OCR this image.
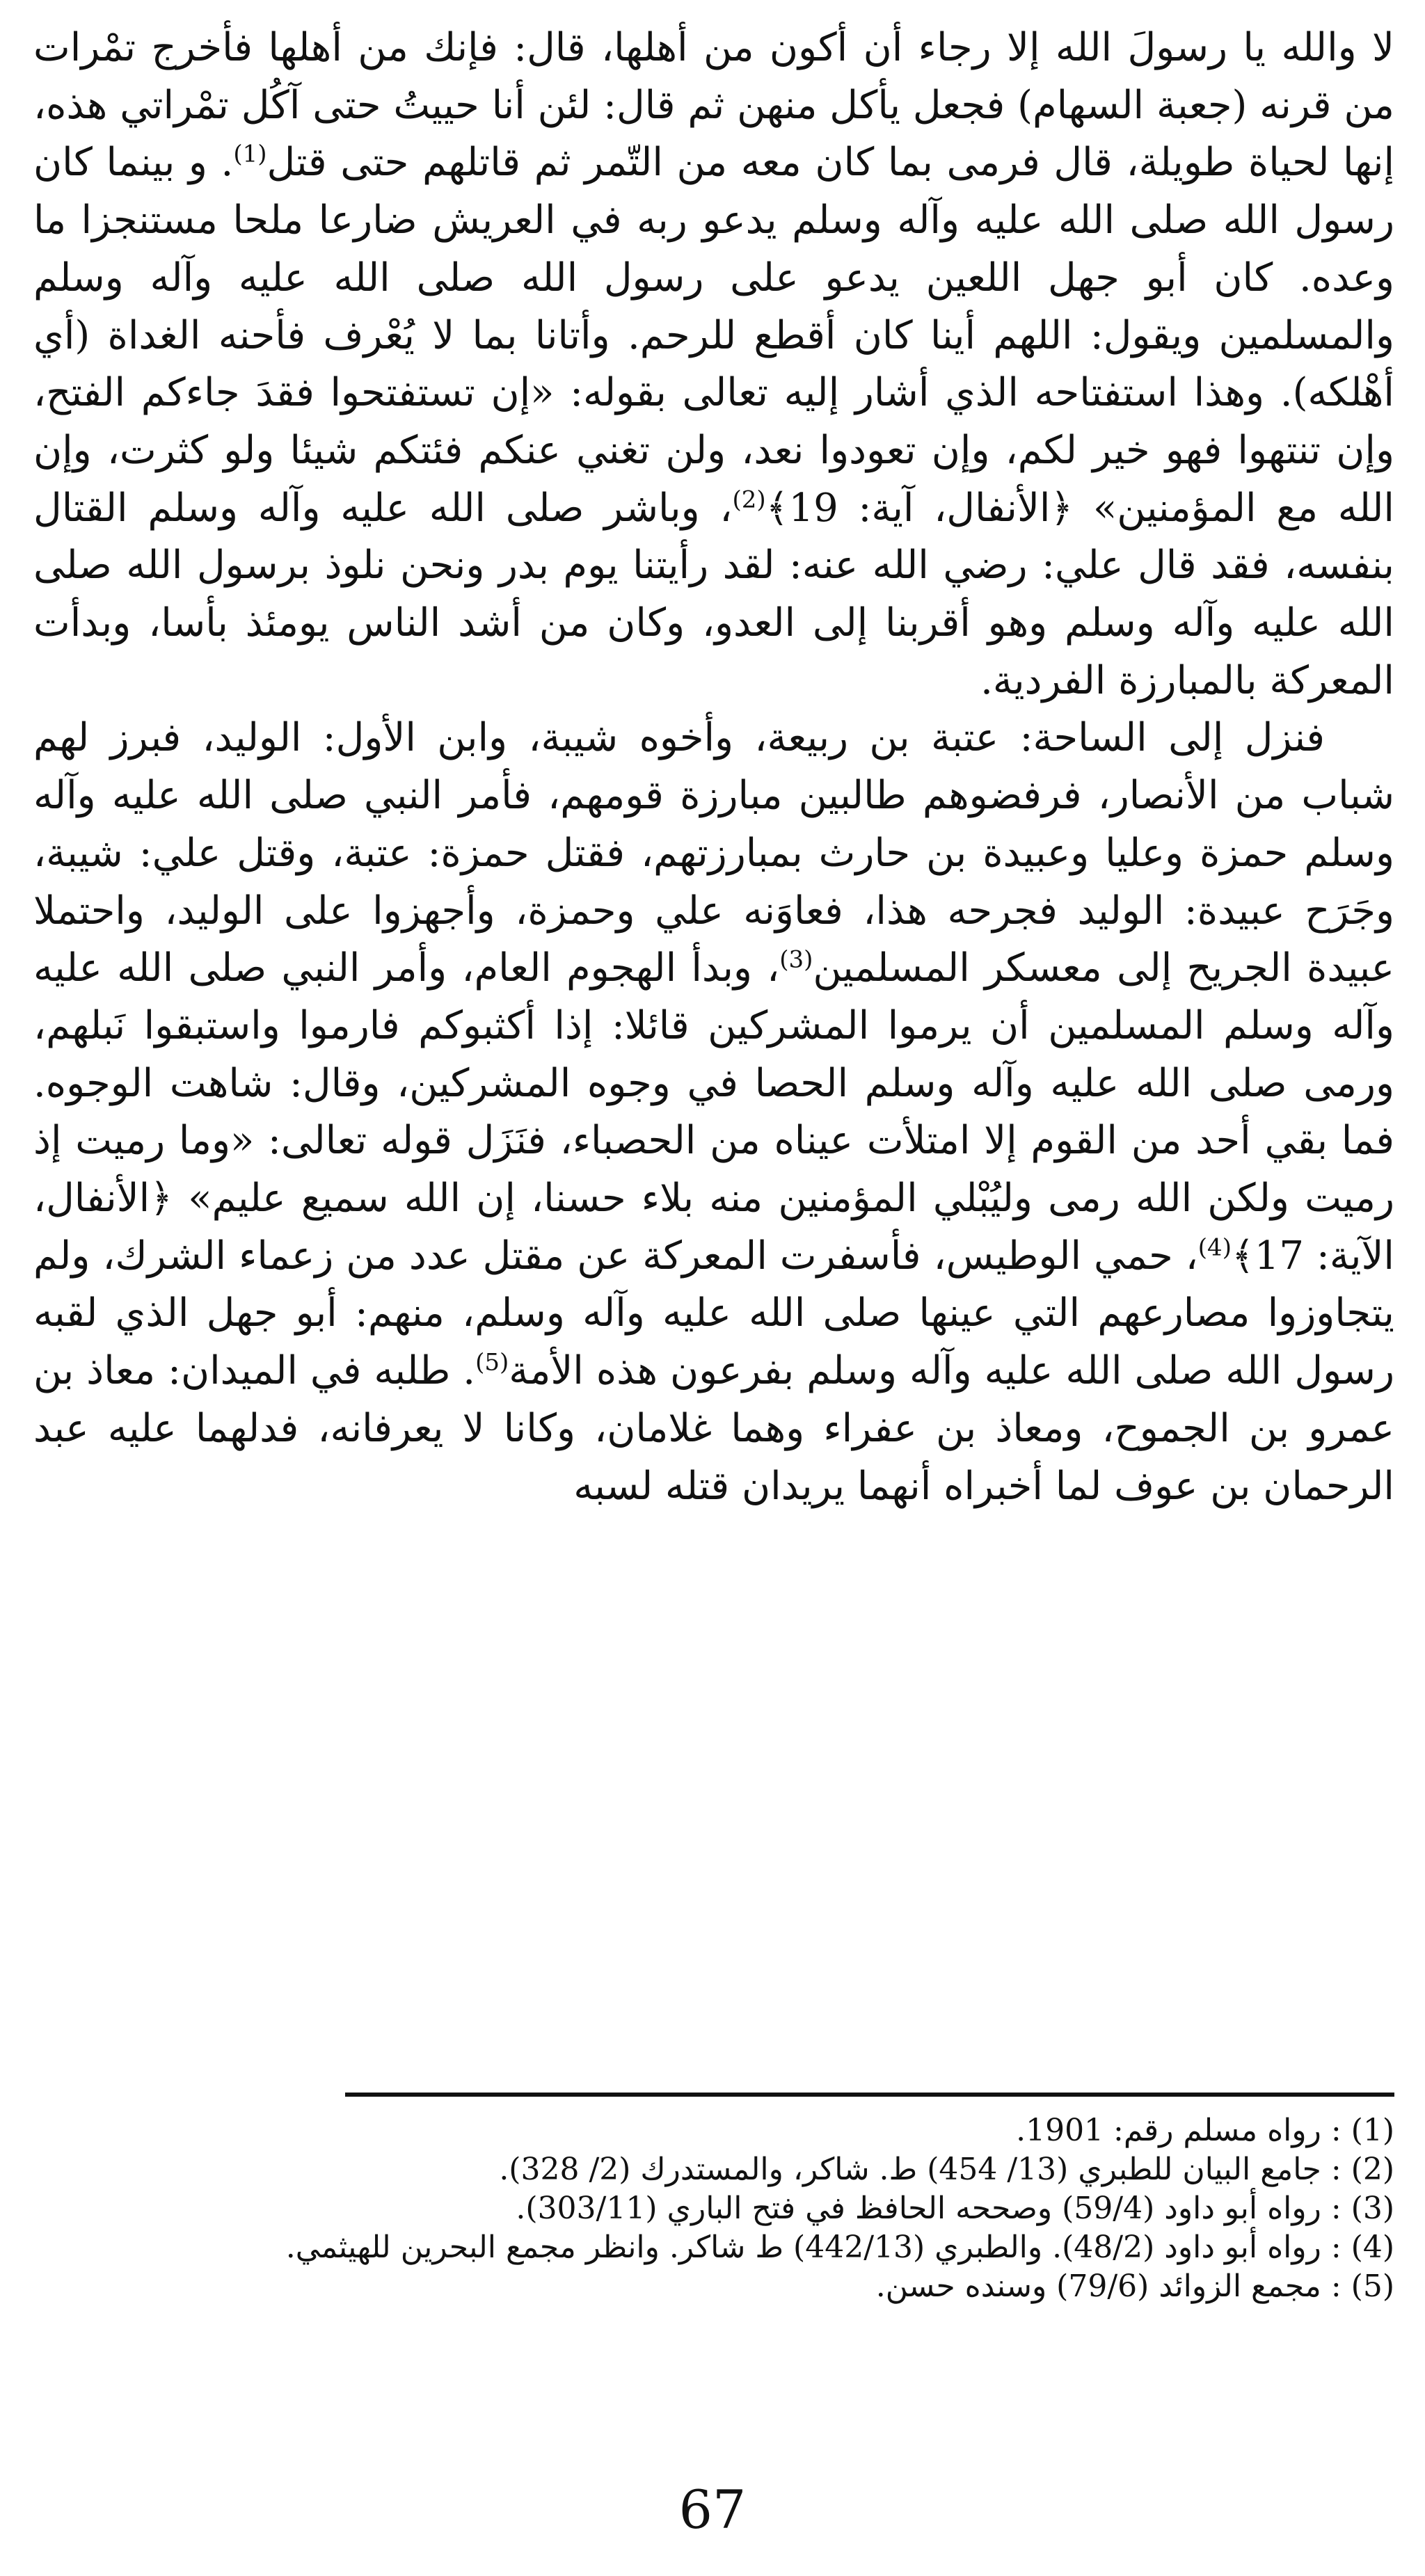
لا والله يا رسولَ الله إلا رجاء أن أكون من أهلها، قال: فإنك من أهلها فأخرج تمْرات من قرنه (جعبة السهام) فجعل يأكل منهن ثم قال: لئن أنا حييتُ حتى آكُل تمْراتي هذه، إنها لحياة طويلة، قال فرمى بما كان معه من التّمر ثم قاتلهم حتى قتل$^{(1)}$. و بينما كان رسول الله صلى الله عليه وآله وسلم يدعو ربه في العريش ضارعا ملحا مستنجزا ما وعده. كان أبو جهل اللعين يدعو على رسول الله صلى الله عليه وآله وسلم والمسلمين ويقول: اللهم أينا كان أقطع للرحم. وأتانا بما لا يُعْرف فأحنه الغداة (أي أهْلكه). وهذا استفتاحه الذي أشار إليه تعالى بقوله: «إن تستفتحوا فقدَ جاءكم الفتح، وإن تنتهوا فهو خير لكم، وإن تعودوا نعد، ولن تغني عنكم فئتكم شيئا ولو كثرت، وإن الله مع المؤمنين» ﴿الأنفال، آية: 19﴾$^{(2)}$، وباشر صلى الله عليه وآله وسلم القتال بنفسه، فقد قال علي: رضي الله عنه: لقد رأيتنا يوم بدر ونحن نلوذ برسول الله صلى الله عليه وآله وسلم وهو أقربنا إلى العدو، وكان من أشد الناس يومئذ بأسا، وبدأت المعركة بالمبارزة الفردية.

فنزل إلى الساحة: عتبة بن ربيعة، وأخوه شيبة، وابن الأول: الوليد، فبرز لهم شباب من الأنصار، فرفضوهم طالبين مبارزة قومهم، فأمر النبي صلى الله عليه وآله وسلم حمزة وعليا وعبيدة بن حارث بمبارزتهم، فقتل حمزة: عتبة، وقتل علي: شيبة، وجَرَح عبيدة: الوليد فجرحه هذا، فعاوَنه علي وحمزة، وأجهزوا على الوليد، واحتملا عبيدة الجريح إلى معسكر المسلمين$^{(3)}$، وبدأ الهجوم العام، وأمر النبي صلى الله عليه وآله وسلم المسلمين أن يرموا المشركين قائلا: إذا أكثبوكم فارموا واستبقوا نَبلهم، ورمى صلى الله عليه وآله وسلم الحصا في وجوه المشركين، وقال: شاهت الوجوه. فما بقي أحد من القوم إلا امتلأت عيناه من الحصباء، فنَزَل قوله تعالى: «وما رميت إذ رميت ولكن الله رمى وليُبْلي المؤمنين منه بلاء حسنا، إن الله سميع عليم» ﴿الأنفال، الآية: 17﴾$^{(4)}$، حمي الوطيس، فأسفرت المعركة عن مقتل عدد من زعماء الشرك، ولم يتجاوزوا مصارعهم التي عينها صلى الله عليه وآله وسلم، منهم: أبو جهل الذي لقبه رسول الله صلى الله عليه وآله وسلم بفرعون هذه الأمة$^{(5)}$. طلبه في الميدان: معاذ بن عمرو بن الجموح، ومعاذ بن عفراء وهما غلامان، وكانا لا يعرفانه، فدلهما عليه عبد الرحمان بن عوف لما أخبراه أنهما يريدان قتله لسبه

(1) : رواه مسلم رقم: 1901.
(2) : جامع البيان للطبري (13/ 454) ط. شاكر، والمستدرك (2/ 328).
(3) : رواه أبو داود (59/4) وصححه الحافظ في فتح الباري (303/11).
(4) : رواه أبو داود (48/2). والطبري (442/13) ط شاكر. وانظر مجمع البحرين للهيثمي.
(5) : مجمع الزوائد (79/6) وسنده حسن.
67
